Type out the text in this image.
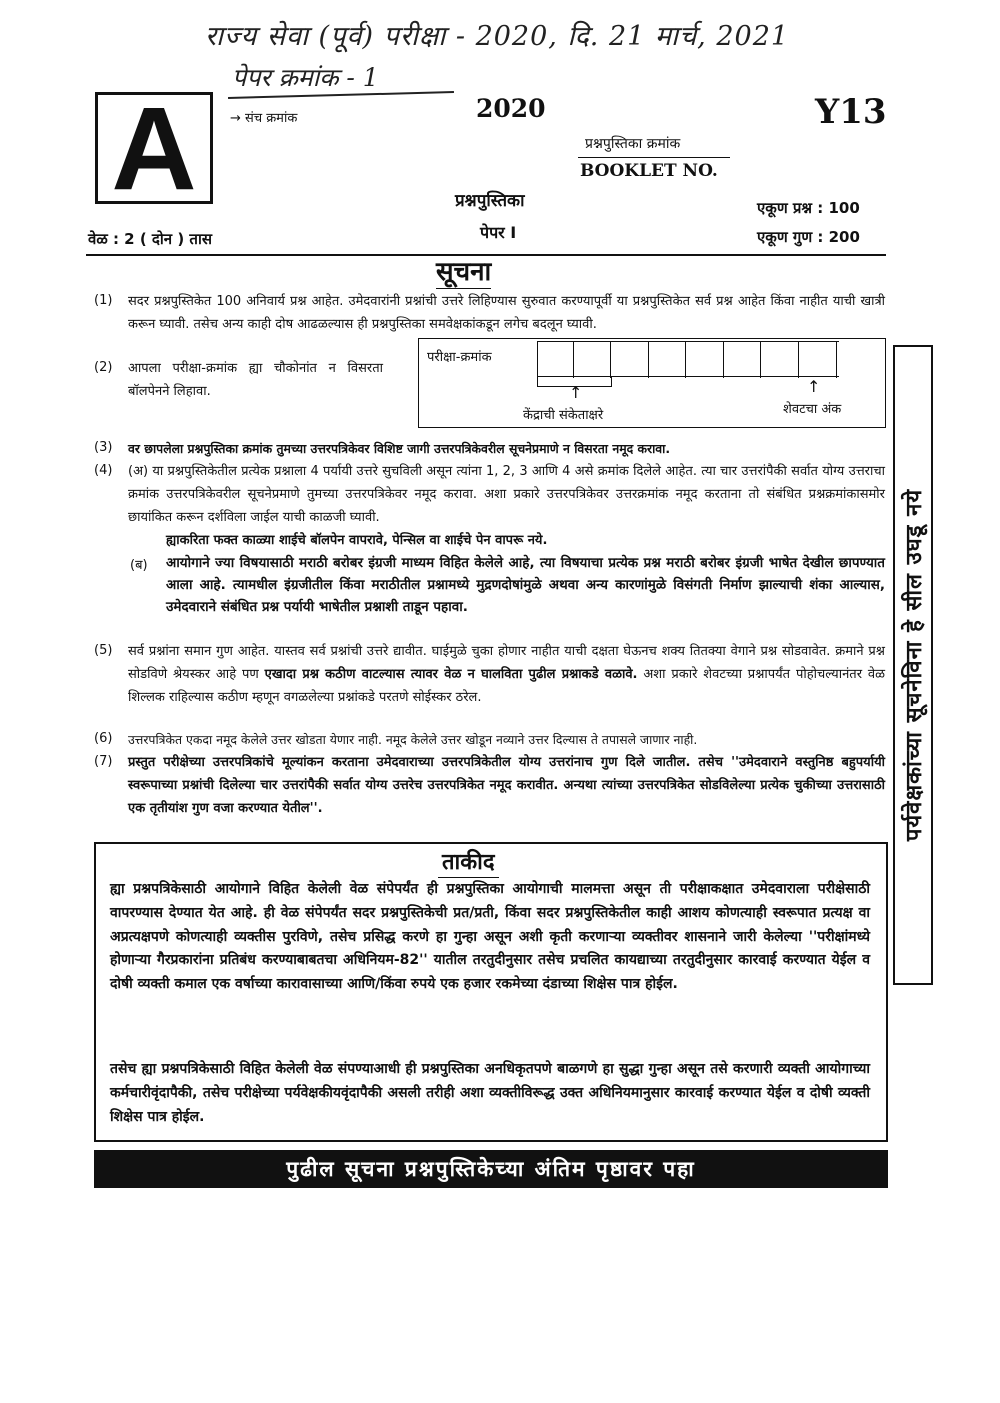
राज्य सेवा (पूर्व) परीक्षा - 2020, दि. 21 मार्च, 2021
पेपर क्रमांक - 1
A	→ संच क्रमांक	2020	Y13
प्रश्नपुस्तिका क्रमांक
BOOKLET NO.
प्रश्नपुस्तिका
पेपर I
एकूण प्रश्न : 100
एकूण गुण : 200
वेळ : 2 ( दोन ) तास
सूचना
(1) सदर प्रश्नपुस्तिकेत 100 अनिवार्य प्रश्न आहेत. उमेदवारांनी प्रश्नांची उत्तरे लिहिण्यास सुरुवात करण्यापूर्वी या प्रश्नपुस्तिकेत सर्व प्रश्न आहेत किंवा नाहीत याची खात्री करून घ्यावी. तसेच अन्य काही दोष आढळल्यास ही प्रश्नपुस्तिका समवेक्षकांकडून लगेच बदलून घ्यावी.
(2) आपला परीक्षा-क्रमांक ह्या चौकोनांत न विसरता बॉलपेनने लिहावा.
परीक्षा-क्रमांक
↑	↑
केंद्राची संकेताक्षरे	शेवटचा अंक
(3) वर छापलेला प्रश्नपुस्तिका क्रमांक तुमच्या उत्तरपत्रिकेवर विशिष्ट जागी उत्तरपत्रिकेवरील सूचनेप्रमाणे न विसरता नमूद करावा.
(4) (अ) या प्रश्नपुस्तिकेतील प्रत्येक प्रश्नाला 4 पर्यायी उत्तरे सुचविली असून त्यांना 1, 2, 3 आणि 4 असे क्रमांक दिलेले आहेत. त्या चार उत्तरांपैकी सर्वात योग्य उत्तराचा क्रमांक उत्तरपत्रिकेवरील सूचनेप्रमाणे तुमच्या उत्तरपत्रिकेवर नमूद करावा. अशा प्रकारे उत्तरपत्रिकेवर उत्तरक्रमांक नमूद करताना तो संबंधित प्रश्नक्रमांकासमोर छायांकित करून दर्शविला जाईल याची काळजी घ्यावी.
ह्याकरिता फक्त काळ्या शाईचे बॉलपेन वापरावे, पेन्सिल वा शाईचे पेन वापरू नये.
(ब) आयोगाने ज्या विषयासाठी मराठी बरोबर इंग्रजी माध्यम विहित केलेले आहे, त्या विषयाचा प्रत्येक प्रश्न मराठी बरोबर इंग्रजी भाषेत देखील छापण्यात आला आहे. त्यामधील इंग्रजीतील किंवा मराठीतील प्रश्नामध्ये मुद्रणदोषांमुळे अथवा अन्य कारणांमुळे विसंगती निर्माण झाल्याची शंका आल्यास, उमेदवाराने संबंधित प्रश्न पर्यायी भाषेतील प्रश्नाशी ताडून पहावा.
(5) सर्व प्रश्नांना समान गुण आहेत. यास्तव सर्व प्रश्नांची उत्तरे द्यावीत. घाईमुळे चुका होणार नाहीत याची दक्षता घेऊनच शक्य तितक्या वेगाने प्रश्न सोडवावेत. क्रमाने प्रश्न सोडविणे श्रेयस्कर आहे पण एखादा प्रश्न कठीण वाटल्यास त्यावर वेळ न घालविता पुढील प्रश्नाकडे वळावे. अशा प्रकारे शेवटच्या प्रश्नापर्यंत पोहोचल्यानंतर वेळ शिल्लक राहिल्यास कठीण म्हणून वगळलेल्या प्रश्नांकडे परतणे सोईस्कर ठरेल.
(6) उत्तरपत्रिकेत एकदा नमूद केलेले उत्तर खोडता येणार नाही. नमूद केलेले उत्तर खोडून नव्याने उत्तर दिल्यास ते तपासले जाणार नाही.
(7) प्रस्तुत परीक्षेच्या उत्तरपत्रिकांचे मूल्यांकन करताना उमेदवाराच्या उत्तरपत्रिकेतील योग्य उत्तरांनाच गुण दिले जातील. तसेच ''उमेदवाराने वस्तुनिष्ठ बहुपर्यायी स्वरूपाच्या प्रश्नांची दिलेल्या चार उत्तरांपैकी सर्वात योग्य उत्तरेच उत्तरपत्रिकेत नमूद करावीत. अन्यथा त्यांच्या उत्तरपत्रिकेत सोडविलेल्या प्रत्येक चुकीच्या उत्तरासाठी एक तृतीयांश गुण वजा करण्यात येतील''.
ताकीद
ह्या प्रश्नपत्रिकेसाठी आयोगाने विहित केलेली वेळ संपेपर्यंत ही प्रश्नपुस्तिका आयोगाची मालमत्ता असून ती परीक्षाकक्षात उमेदवाराला परीक्षेसाठी वापरण्यास देण्यात येत आहे. ही वेळ संपेपर्यंत सदर प्रश्नपुस्तिकेची प्रत/प्रती, किंवा सदर प्रश्नपुस्तिकेतील काही आशय कोणत्याही स्वरूपात प्रत्यक्ष वा अप्रत्यक्षपणे कोणत्याही व्यक्तीस पुरविणे, तसेच प्रसिद्ध करणे हा गुन्हा असून अशी कृती करणाऱ्या व्यक्तीवर शासनाने जारी केलेल्या ''परीक्षांमध्ये होणाऱ्या गैरप्रकारांना प्रतिबंध करण्याबाबतचा अधिनियम-82'' यातील तरतुदीनुसार तसेच प्रचलित कायद्याच्या तरतुदीनुसार कारवाई करण्यात येईल व दोषी व्यक्ती कमाल एक वर्षाच्या कारावासाच्या आणि/किंवा रुपये एक हजार रकमेच्या दंडाच्या शिक्षेस पात्र होईल.
तसेच ह्या प्रश्नपत्रिकेसाठी विहित केलेली वेळ संपण्याआधी ही प्रश्नपुस्तिका अनधिकृतपणे बाळगणे हा सुद्धा गुन्हा असून तसे करणारी व्यक्ती आयोगाच्या कर्मचारीवृंदापैकी, तसेच परीक्षेच्या पर्यवेक्षकीयवृंदापैकी असली तरीही अशा व्यक्तीविरूद्ध उक्त अधिनियमानुसार कारवाई करण्यात येईल व दोषी व्यक्ती शिक्षेस पात्र होईल.
पुढील सूचना प्रश्नपुस्तिकेच्या अंतिम पृष्ठावर पहा
पर्यवेक्षकांच्या सूचनेविना हे सील उघडू नये
